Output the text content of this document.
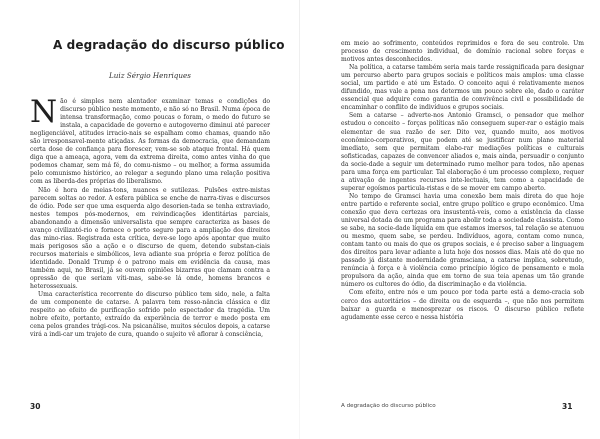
A degradação do discurso público

Luiz Sérgio Henriques

Não é simples nem alentador examinar temas e condições do discurso público neste momento, e não só no Brasil. Numa época de intensa transformação, como poucas o foram, o medo do futuro se instala, a capacidade de governo e autogoverno diminui até parecer negligenciável, atitudes irracio-nais se espalham como chamas, quando não são irresponsavel-mente atiçadas. As formas da democracia, que demandam certa dose de confiança para florescer, vem-se sob ataque frontal. Há quem diga que a ameaça, agora, vem da extrema direita, como antes vinha do que podemos chamar, sem má fé, do comu-nismo – ou melhor, a forma assumida pelo comunismo histórico, ao relegar a segundo plano uma relação positiva com as liberda-des próprias do liberalismo.

Não é hora de meias-tons, nuances e sutilezas. Pulsões extre-mistas parecem soltas ao redor. A esfera pública se enche de narra-tivas e discursos de ódio. Pode ser que uma esquerda algo desorien-tada se tenha extraviado, nestes tempos pós-modernos, em reivindicações identitárias parciais, abandonando a dimensão universalista que sempre caracteriza as bases de avanço civilizató-rio e fornece o porto seguro para a ampliação dos direitos das mino-rias. Registrada esta crítica, deve-se logo após apontar que muito mais perigosos são a ação e o discurso de quem, detendo substan-ciais recursos materiais e simbólicos, leva adiante sua própria e feroz política de identidade. Donald Trump é o patrono mais em evidência da causa, mas também aqui, no Brasil, já se ouvem opiniões bizarras que clamam contra a opressão de que seriam víti-mas, sabe-se lá onde, homens brancos e heterossexuais.

Uma característica recorrente do discurso público tem sido, nele, a falta de um componente de catarse. A palavra tem resso-nância clássica e diz respeito ao efeito de purificação sofrido pelo espectador da tragédia. Um nobre efeito, portanto, extraído da experiência de terror e medo posta em cena pelos grandes trági-cos. Na psicanálise, muitos séculos depois, a catarse virá a indi-car um trajeto de cura, quando o sujeito vê aflorar à consciência,

30

em meio ao sofrimento, conteúdos reprimidos e fora de seu controle. Um processo de crescimento individual, de domínio racional sobre forças e motivos antes desconhecidos.

Na política, a catarse também seria mais tarde ressignificada para designar um percurso aberto para grupos sociais e políticos mais amplos: uma classe social, um partido e até um Estado. O conceito aqui é relativamente menos difundido, mas vale a pena nos determos um pouco sobre ele, dado o caráter essencial que adquire como garantia de convivência civil e possibilidade de encaminhar o conflito de indivíduos e grupos sociais.

Sem a catarse – adverte-nos Antonio Gramsci, o pensador que melhor estudou o conceito – forças políticas não conseguem super-rar o estágio mais elementar de sua razão de ser. Dito vez, quando muito, aos motivos econômico-corporativos, que podem até se justificar num plano material imediato, sem que permitam elabo-rar mediações políticas e culturais sofisticadas, capazes de convencer aliados e, mais ainda, persuadir o conjunto da socie-dade a seguir um determinado rumo melhor para todos, não apenas para uma força em particular. Tal elaboração é um processo complexo, requer a ativação de ingentes recursos inte-lectuais, tem como a capacidade de superar egoísmos particula-ristas e de se mover em campo aberto.

No tempo de Gramsci havia uma conexão bem mais direta do que hoje entre partido e referente social, entre grupo político e grupo econômico. Uma conexão que deva certezas ora insustentá-veis, como a existência da classe universal dotada de um programa para abolir toda a sociedade classista. Como se sabe, na socie-dade líquida em que estamos imersos, tal relação se atenuou ou mesmo, quem sabe, se perdeu. Indivíduos, agora, contam como nunca, contam tanto ou mais do que os grupos sociais, e é preciso saber a linguagem dos direitos para levar adiante a luta hoje dos nossos dias. Mais até do que no passado já distante modernidade gramsciana, a catarse implica, sobretudo, renúncia à força e à violência como princípio lógico de pensamento e mola propulsora da ação, ainda que em torno de sua teia apenas um tão grande número os cultores do ódio, da discriminação e da violência.

Com efeito, entre nós e um pouco por toda parte está a demo-cracia sob cerco dos autoritários – de direita ou de esquerda –, que não nos permitem baixar a guarda e menosprezar os riscos. O discurso público reflete agudamente esse cerco e nessa história

A degradação do discurso público	31
